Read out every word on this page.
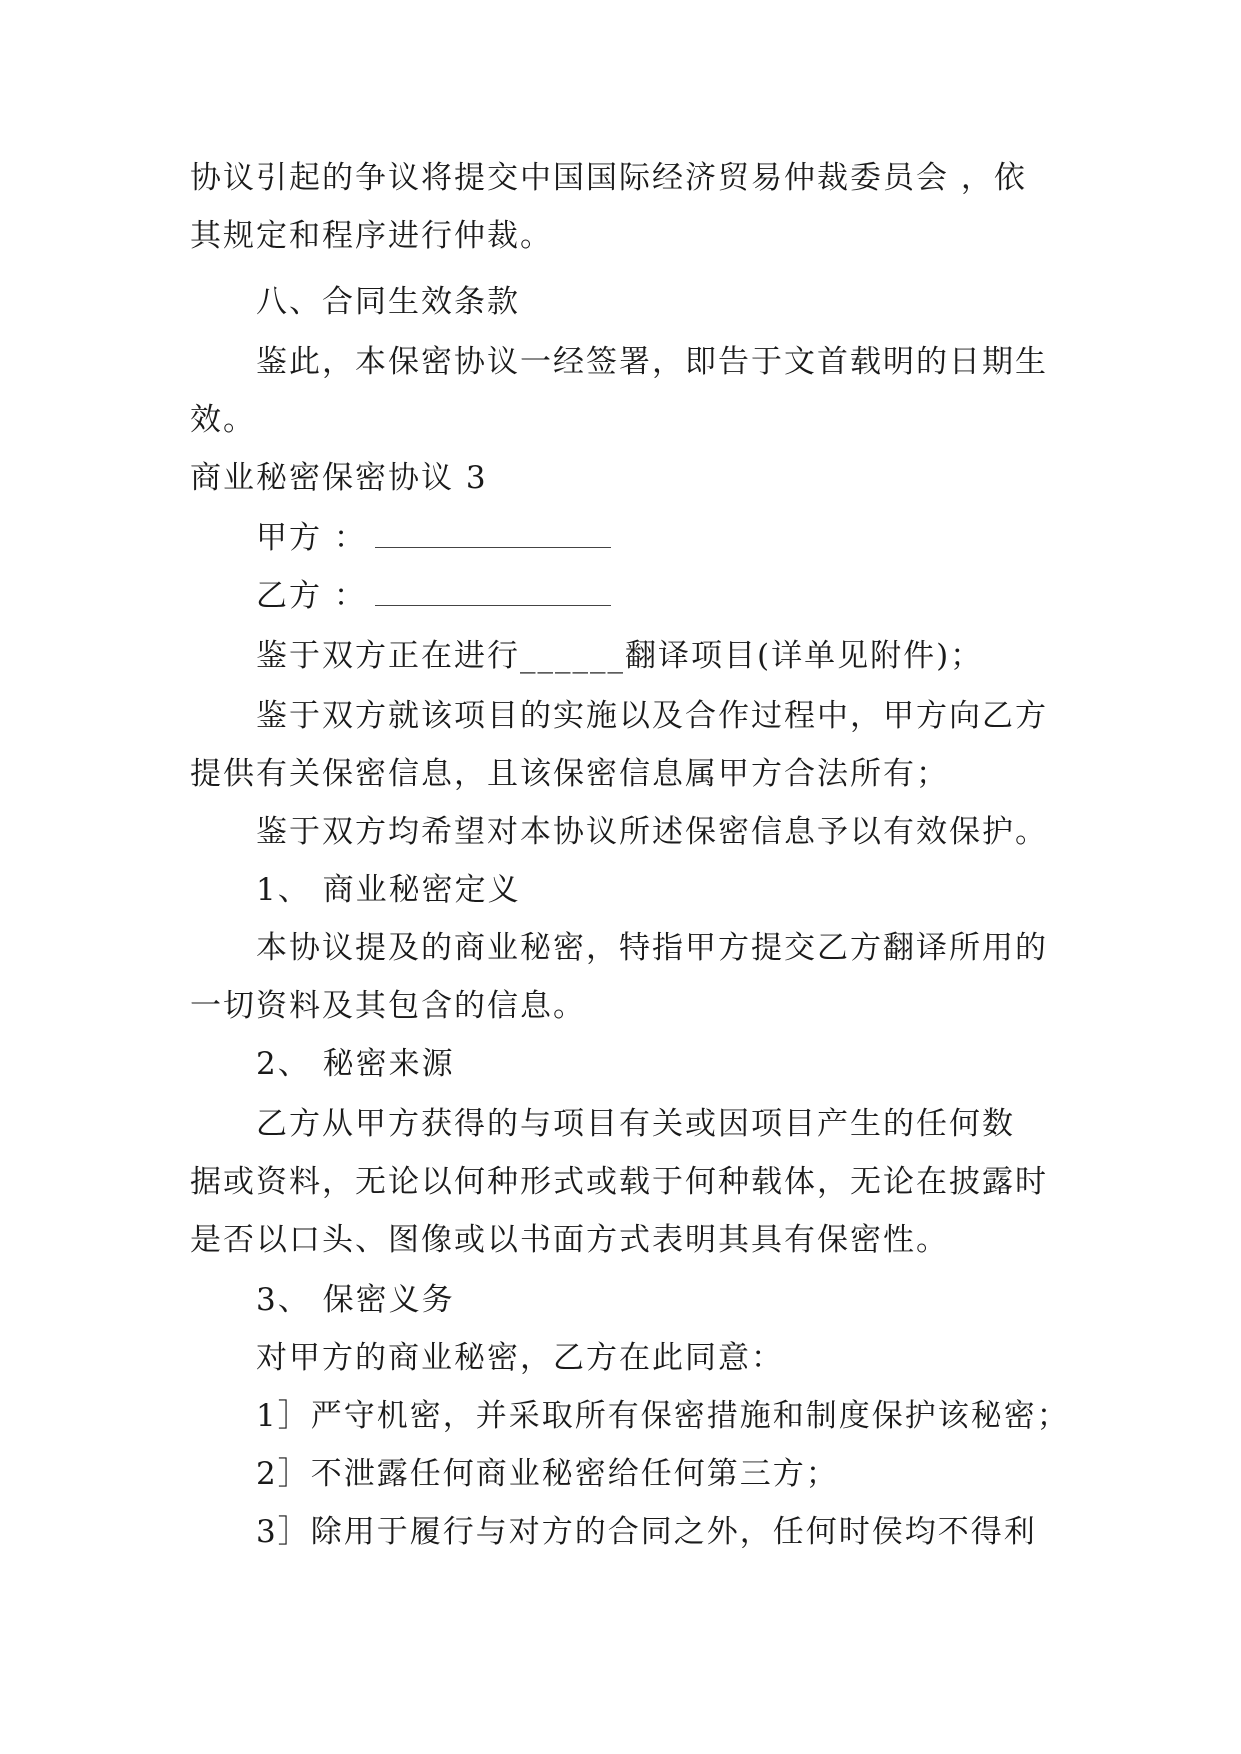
协议引起的争议将提交中国国际经济贸易仲裁委员会 ，依
其规定和程序进行仲裁。
八、合同生效条款
鉴此，本保密协议一经签署，即告于文首载明的日期生
效。
商业秘密保密协议 3
甲方 ：
乙方 ：
鉴于双方正在进行______翻译项目(详单见附件)；
鉴于双方就该项目的实施以及合作过程中，甲方向乙方
提供有关保密信息，且该保密信息属甲方合法所有；
鉴于双方均希望对本协议所述保密信息予以有效保护。
1、 商业秘密定义
本协议提及的商业秘密，特指甲方提交乙方翻译所用的
一切资料及其包含的信息。
2、 秘密来源
乙方从甲方获得的与项目有关或因项目产生的任何数
据或资料，无论以何种形式或载于何种载体，无论在披露时
是否以口头、图像或以书面方式表明其具有保密性。
3、 保密义务
对甲方的商业秘密，乙方在此同意：
1］严守机密，并采取所有保密措施和制度保护该秘密；
2］不泄露任何商业秘密给任何第三方；
3］除用于履行与对方的合同之外，任何时侯均不得利
